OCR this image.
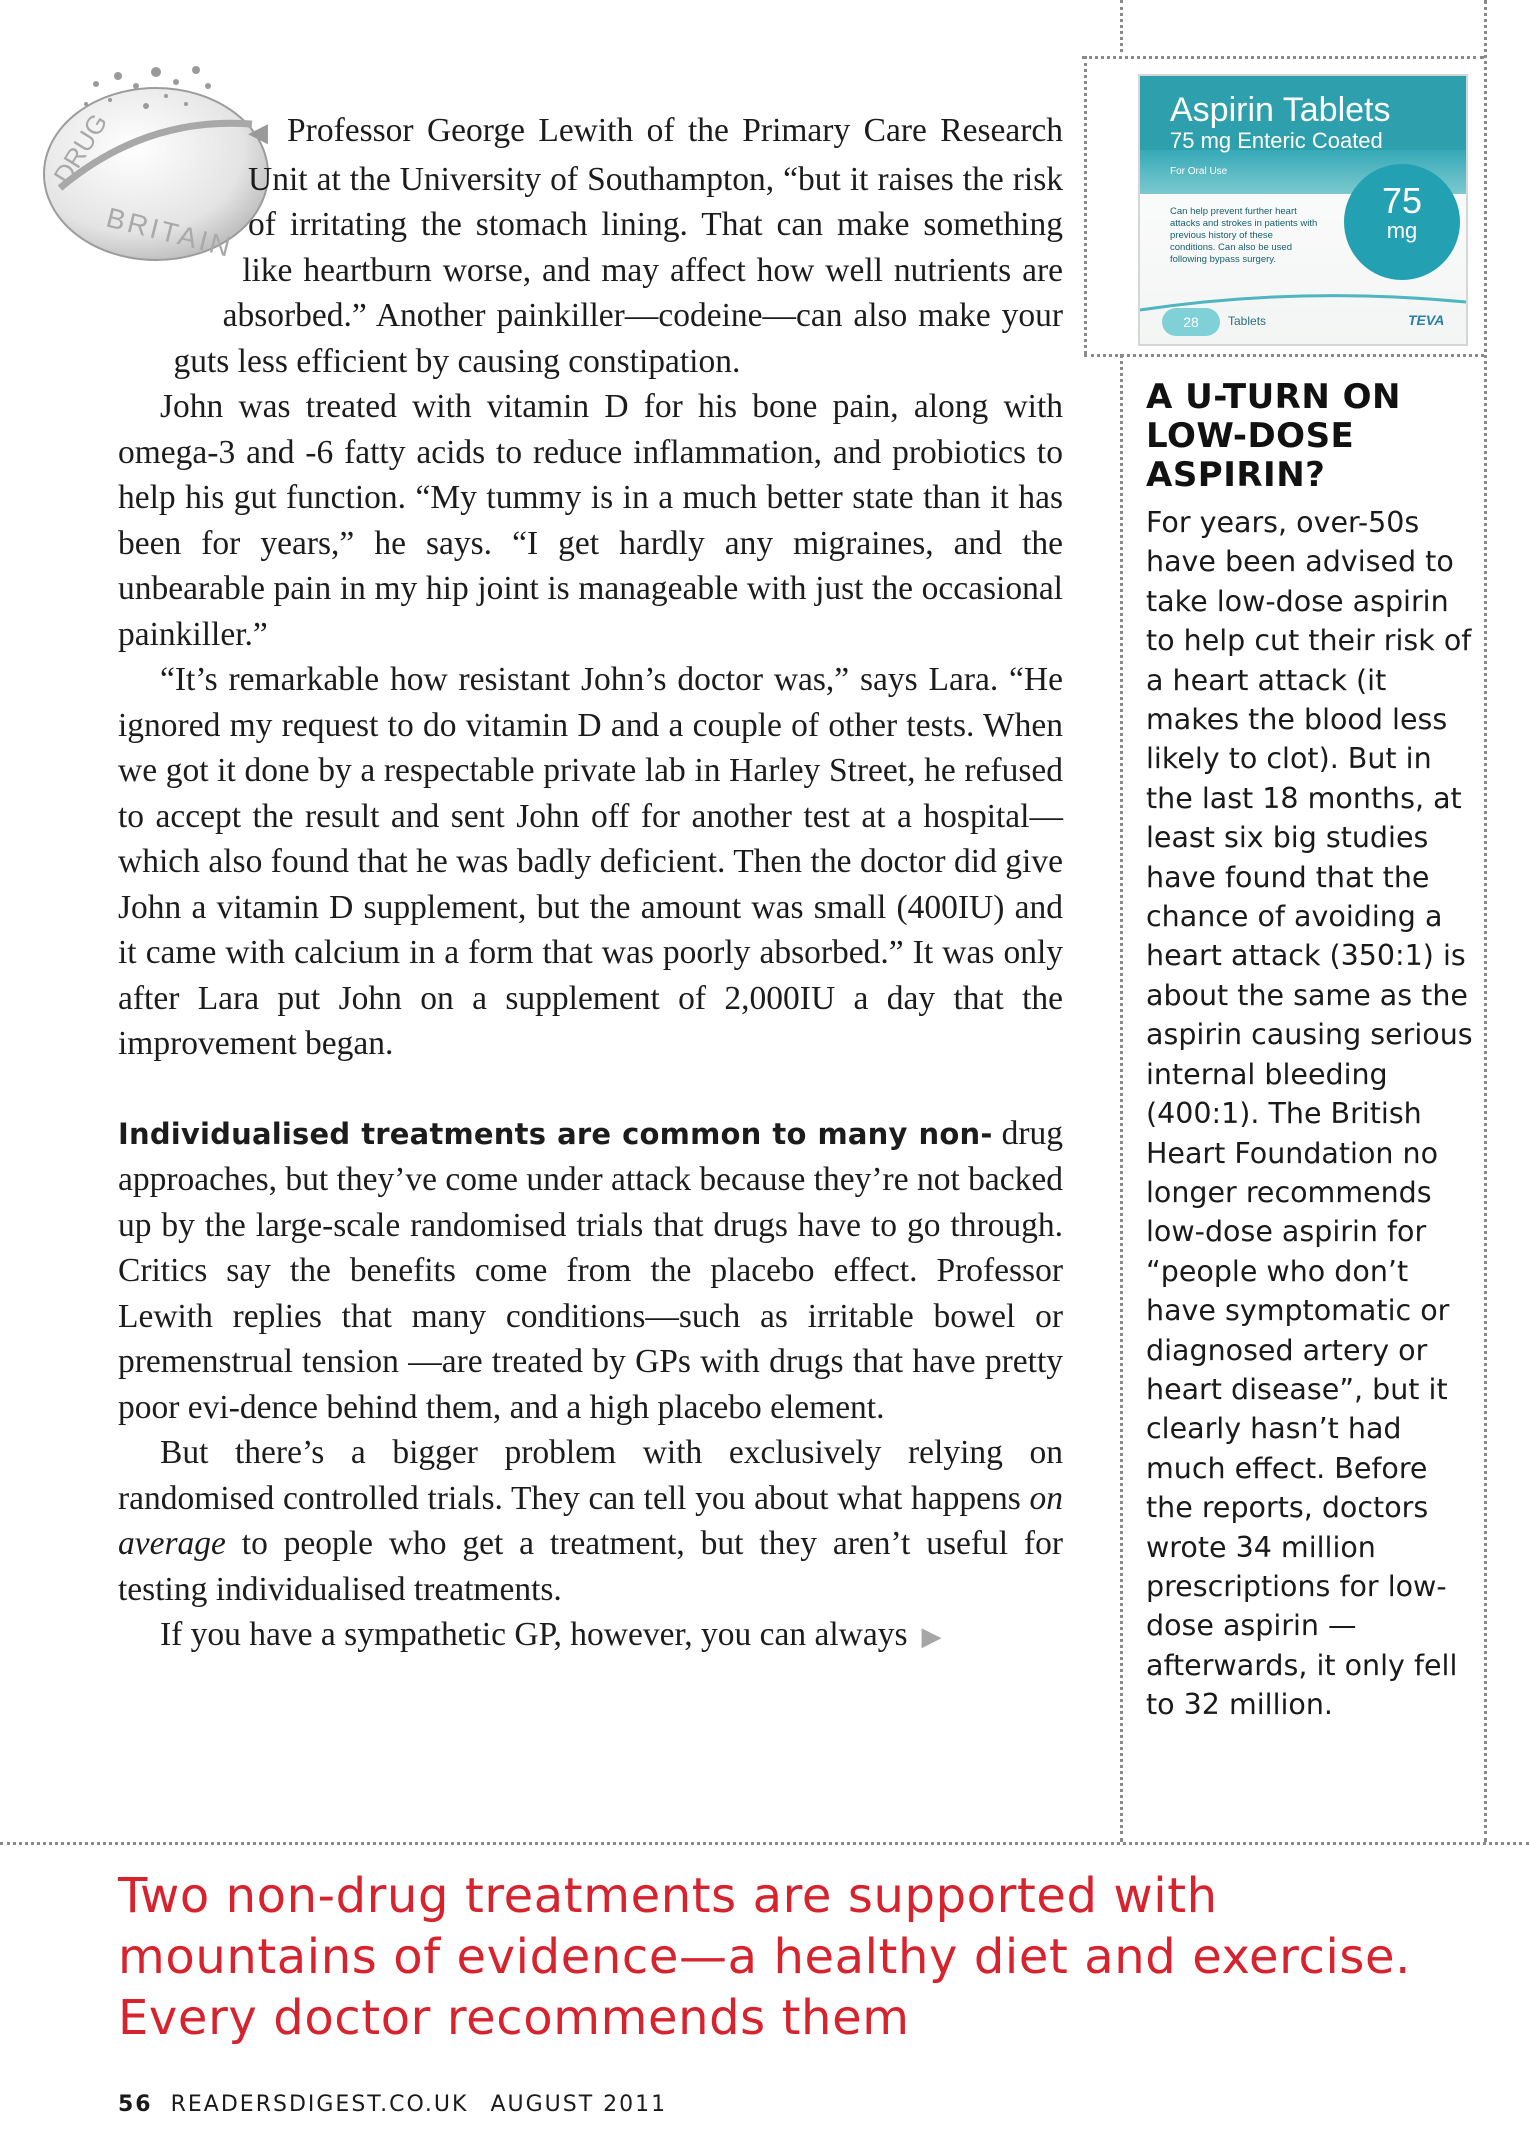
DRUG
BRITAIN

◀ Professor George Lewith of the Primary Care Research Unit at the University of Southampton, “but it raises the risk of irritating the stomach lining. That can make something like heartburn worse, and may affect how well nutrients are absorbed.” Another painkiller—codeine—can also make your guts less efficient by causing constipation.

John was treated with vitamin D for his bone pain, along with omega-3 and -6 fatty acids to reduce inflammation, and probiotics to help his gut function. “My tummy is in a much better state than it has been for years,” he says. “I get hardly any migraines, and the unbearable pain in my hip joint is manageable with just the occasional painkiller.”

“It’s remarkable how resistant John’s doctor was,” says Lara. “He ignored my request to do vitamin D and a couple of other tests. When we got it done by a respectable private lab in Harley Street, he refused to accept the result and sent John off for another test at a hospital—which also found that he was badly deficient. Then the doctor did give John a vitamin D supplement, but the amount was small (400IU) and it came with calcium in a form that was poorly absorbed.” It was only after Lara put John on a supplement of 2,000IU a day that the improvement began.

Individualised treatments are common to many non- drug approaches, but they’ve come under attack because they’re not backed up by the large-scale randomised trials that drugs have to go through. Critics say the benefits come from the placebo effect. Professor Lewith replies that many conditions—such as irritable bowel or premenstrual tension —are treated by GPs with drugs that have pretty poor evi-dence behind them, and a high placebo element.

But there’s a bigger problem with exclusively relying on randomised controlled trials. They can tell you about what happens on average to people who get a treatment, but they aren’t useful for testing individualised treatments.

If you have a sympathetic GP, however, you can always ▶

Aspirin Tablets
75 mg Enteric Coated
For Oral Use
Can help prevent further heart attacks and strokes in patients with previous history of these conditions. Can also be used following bypass surgery.
75
mg
28	Tablets	TEVA
A U-TURN ON LOW-DOSE ASPIRIN?
For years, over-50s have been advised to take low-dose aspirin to help cut their risk of a heart attack (it makes the blood less likely to clot). But in the last 18 months, at least six big studies have found that the chance of avoiding a heart attack (350:1) is about the same as the aspirin causing serious internal bleeding (400:1). The British Heart Foundation no longer recommends low-dose aspirin for “people who don’t have symptomatic or diagnosed artery or heart disease”, but it clearly hasn’t had much effect. Before the reports, doctors wrote 34 million prescriptions for low-dose aspirin —afterwards, it only fell to 32 million.
Two non-drug treatments are supported with mountains of evidence—a healthy diet and exercise. Every doctor recommends them
56 READERSDIGEST.CO.UK AUGUST 2011
